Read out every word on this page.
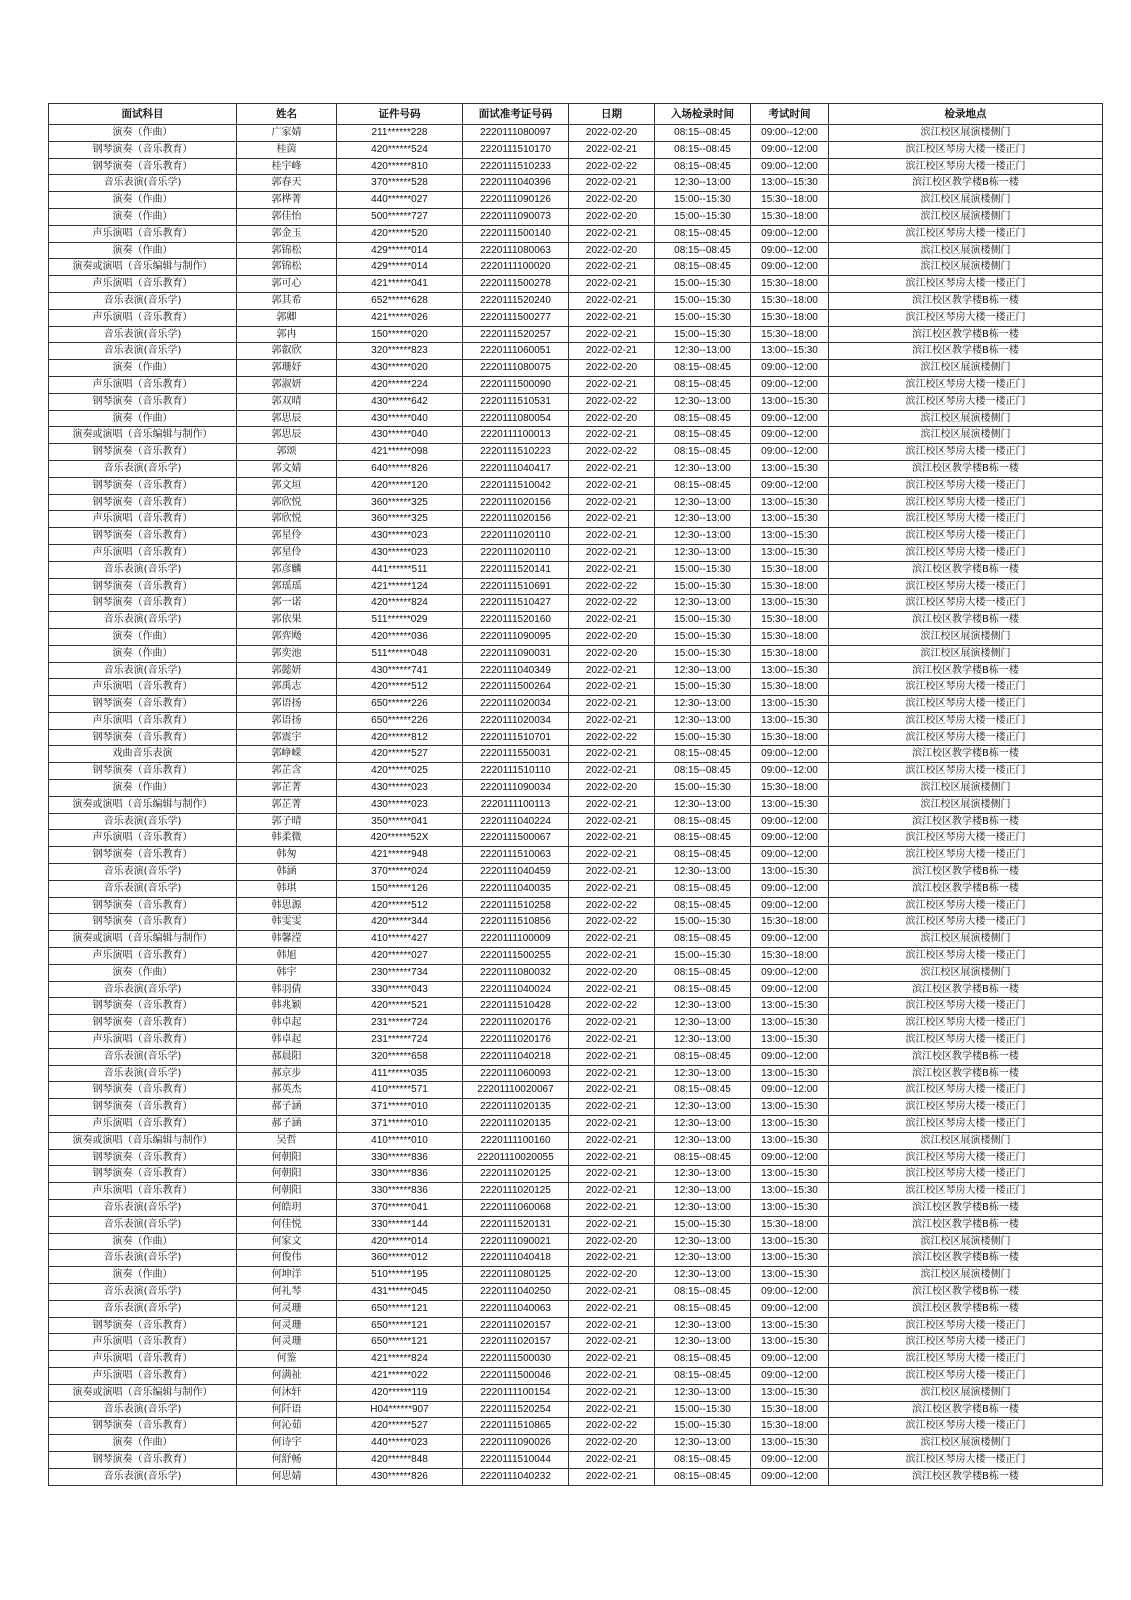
面试科目	姓名	证件号码	面试准考证号码	日期	入场检录时间	考试时间	检录地点
演奏（作曲）	广家婧	211******228	2220111080097	2022-02-20	08:15--08:45	09:00--12:00	滨江校区展演楼侧门
钢琴演奏（音乐教育）	桂茵	420******524	2220111510170	2022-02-21	08:15--08:45	09:00--12:00	滨江校区琴房大楼一楼正门
钢琴演奏（音乐教育）	桂宇峰	420******810	2220111510233	2022-02-22	08:15--08:45	09:00--12:00	滨江校区琴房大楼一楼正门
音乐表演(音乐学)	郭春天	370******528	2220111040396	2022-02-21	12:30--13:00	13:00--15:30	滨江校区教学楼B栋一楼
演奏（作曲）	郭桦菁	440******027	2220111090126	2022-02-20	15:00--15:30	15:30--18:00	滨江校区展演楼侧门
演奏（作曲）	郭佳怡	500******727	2220111090073	2022-02-20	15:00--15:30	15:30--18:00	滨江校区展演楼侧门
声乐演唱（音乐教育）	郭金玉	420******520	2220111500140	2022-02-21	08:15--08:45	09:00--12:00	滨江校区琴房大楼一楼正门
演奏（作曲）	郭锦松	429******014	2220111080063	2022-02-20	08:15--08:45	09:00--12:00	滨江校区展演楼侧门
演奏或演唱（音乐编辑与制作）	郭锦松	429******014	2220111100020	2022-02-21	08:15--08:45	09:00--12:00	滨江校区展演楼侧门
声乐演唱（音乐教育）	郭可心	421******041	2220111500278	2022-02-21	15:00--15:30	15:30--18:00	滨江校区琴房大楼一楼正门
音乐表演(音乐学)	郭其希	652******628	2220111520240	2022-02-21	15:00--15:30	15:30--18:00	滨江校区教学楼B栋一楼
声乐演唱（音乐教育）	郭卿	421******026	2220111500277	2022-02-21	15:00--15:30	15:30--18:00	滨江校区琴房大楼一楼正门
音乐表演(音乐学)	郭冉	150******020	2220111520257	2022-02-21	15:00--15:30	15:30--18:00	滨江校区教学楼B栋一楼
音乐表演(音乐学)	郭叡欣	320******823	2220111060051	2022-02-21	12:30--13:00	13:00--15:30	滨江校区教学楼B栋一楼
演奏（作曲）	郭珊妤	430******020	2220111080075	2022-02-20	08:15--08:45	09:00--12:00	滨江校区展演楼侧门
声乐演唱（音乐教育）	郭淑妍	420******224	2220111500090	2022-02-21	08:15--08:45	09:00--12:00	滨江校区琴房大楼一楼正门
钢琴演奏（音乐教育）	郭双晴	430******642	2220111510531	2022-02-22	12:30--13:00	13:00--15:30	滨江校区琴房大楼一楼正门
演奏（作曲）	郭思辰	430******040	2220111080054	2022-02-20	08:15--08:45	09:00--12:00	滨江校区展演楼侧门
演奏或演唱（音乐编辑与制作）	郭思辰	430******040	2220111100013	2022-02-21	08:15--08:45	09:00--12:00	滨江校区展演楼侧门
钢琴演奏（音乐教育）	郭颂	421******098	2220111510223	2022-02-22	08:15--08:45	09:00--12:00	滨江校区琴房大楼一楼正门
音乐表演(音乐学)	郭文婧	640******826	2220111040417	2022-02-21	12:30--13:00	13:00--15:30	滨江校区教学楼B栋一楼
钢琴演奏（音乐教育）	郭文垣	420******120	2220111510042	2022-02-21	08:15--08:45	09:00--12:00	滨江校区琴房大楼一楼正门
钢琴演奏（音乐教育）	郭欣悦	360******325	2220111020156	2022-02-21	12:30--13:00	13:00--15:30	滨江校区琴房大楼一楼正门
声乐演唱（音乐教育）	郭欣悦	360******325	2220111020156	2022-02-21	12:30--13:00	13:00--15:30	滨江校区琴房大楼一楼正门
钢琴演奏（音乐教育）	郭星伶	430******023	2220111020110	2022-02-21	12:30--13:00	13:00--15:30	滨江校区琴房大楼一楼正门
声乐演唱（音乐教育）	郭星伶	430******023	2220111020110	2022-02-21	12:30--13:00	13:00--15:30	滨江校区琴房大楼一楼正门
音乐表演(音乐学)	郭彦麟	441******511	2220111520141	2022-02-21	15:00--15:30	15:30--18:00	滨江校区教学楼B栋一楼
钢琴演奏（音乐教育）	郭瑶瑶	421******124	2220111510691	2022-02-22	15:00--15:30	15:30--18:00	滨江校区琴房大楼一楼正门
钢琴演奏（音乐教育）	郭一诺	420******824	2220111510427	2022-02-22	12:30--13:00	13:00--15:30	滨江校区琴房大楼一楼正门
音乐表演(音乐学)	郭依果	511******029	2220111520160	2022-02-21	15:00--15:30	15:30--18:00	滨江校区教学楼B栋一楼
演奏（作曲）	郭弈飏	420******036	2220111090095	2022-02-20	15:00--15:30	15:30--18:00	滨江校区展演楼侧门
演奏（作曲）	郭奕池	511******048	2220111090031	2022-02-20	15:00--15:30	15:30--18:00	滨江校区展演楼侧门
音乐表演(音乐学)	郭懿妍	430******741	2220111040349	2022-02-21	12:30--13:00	13:00--15:30	滨江校区教学楼B栋一楼
声乐演唱（音乐教育）	郭禹志	420******512	2220111500264	2022-02-21	15:00--15:30	15:30--18:00	滨江校区琴房大楼一楼正门
钢琴演奏（音乐教育）	郭语扬	650******226	2220111020034	2022-02-21	12:30--13:00	13:00--15:30	滨江校区琴房大楼一楼正门
声乐演唱（音乐教育）	郭语扬	650******226	2220111020034	2022-02-21	12:30--13:00	13:00--15:30	滨江校区琴房大楼一楼正门
钢琴演奏（音乐教育）	郭震宇	420******812	2220111510701	2022-02-22	15:00--15:30	15:30--18:00	滨江校区琴房大楼一楼正门
戏曲音乐表演	郭峥嵘	420******527	2220111550031	2022-02-21	08:15--08:45	09:00--12:00	滨江校区教学楼B栋一楼
钢琴演奏（音乐教育）	郭芷含	420******025	2220111510110	2022-02-21	08:15--08:45	09:00--12:00	滨江校区琴房大楼一楼正门
演奏（作曲）	郭芷菁	430******023	2220111090034	2022-02-20	15:00--15:30	15:30--18:00	滨江校区展演楼侧门
演奏或演唱（音乐编辑与制作）	郭芷菁	430******023	2220111100113	2022-02-21	12:30--13:00	13:00--15:30	滨江校区展演楼侧门
音乐表演(音乐学)	郭子晴	350******041	2220111040224	2022-02-21	08:15--08:45	09:00--12:00	滨江校区教学楼B栋一楼
声乐演唱（音乐教育）	韩柔微	420******52X	2220111500067	2022-02-21	08:15--08:45	09:00--12:00	滨江校区琴房大楼一楼正门
钢琴演奏（音乐教育）	韩匆	421******948	2220111510063	2022-02-21	08:15--08:45	09:00--12:00	滨江校区琴房大楼一楼正门
音乐表演(音乐学)	韩涵	370******024	2220111040459	2022-02-21	12:30--13:00	13:00--15:30	滨江校区教学楼B栋一楼
音乐表演(音乐学)	韩琪	150******126	2220111040035	2022-02-21	08:15--08:45	09:00--12:00	滨江校区教学楼B栋一楼
钢琴演奏（音乐教育）	韩思源	420******512	2220111510258	2022-02-22	08:15--08:45	09:00--12:00	滨江校区琴房大楼一楼正门
钢琴演奏（音乐教育）	韩雯雯	420******344	2220111510856	2022-02-22	15:00--15:30	15:30--18:00	滨江校区琴房大楼一楼正门
演奏或演唱（音乐编辑与制作）	韩馨滢	410******427	2220111100009	2022-02-21	08:15--08:45	09:00--12:00	滨江校区展演楼侧门
声乐演唱（音乐教育）	韩旭	420******027	2220111500255	2022-02-21	15:00--15:30	15:30--18:00	滨江校区琴房大楼一楼正门
演奏（作曲）	韩宇	230******734	2220111080032	2022-02-20	08:15--08:45	09:00--12:00	滨江校区展演楼侧门
音乐表演(音乐学)	韩羽倩	330******043	2220111040024	2022-02-21	08:15--08:45	09:00--12:00	滨江校区教学楼B栋一楼
钢琴演奏（音乐教育）	韩兆颖	420******521	2220111510428	2022-02-22	12:30--13:00	13:00--15:30	滨江校区琴房大楼一楼正门
钢琴演奏（音乐教育）	韩卓起	231******724	2220111020176	2022-02-21	12:30--13:00	13:00--15:30	滨江校区琴房大楼一楼正门
声乐演唱（音乐教育）	韩卓起	231******724	2220111020176	2022-02-21	12:30--13:00	13:00--15:30	滨江校区琴房大楼一楼正门
音乐表演(音乐学)	郝晨阳	320******658	2220111040218	2022-02-21	08:15--08:45	09:00--12:00	滨江校区教学楼B栋一楼
音乐表演(音乐学)	郝京步	411******035	2220111060093	2022-02-21	12:30--13:00	13:00--15:30	滨江校区教学楼B栋一楼
钢琴演奏（音乐教育）	郝英杰	410******571	22201110020067	2022-02-21	08:15--08:45	09:00--12:00	滨江校区琴房大楼一楼正门
钢琴演奏（音乐教育）	郝子涵	371******010	2220111020135	2022-02-21	12:30--13:00	13:00--15:30	滨江校区琴房大楼一楼正门
声乐演唱（音乐教育）	郝子涵	371******010	2220111020135	2022-02-21	12:30--13:00	13:00--15:30	滨江校区琴房大楼一楼正门
演奏或演唱（音乐编辑与制作）	吴哲	410******010	2220111100160	2022-02-21	12:30--13:00	13:00--15:30	滨江校区展演楼侧门
钢琴演奏（音乐教育）	何朝阳	330******836	22201110020055	2022-02-21	08:15--08:45	09:00--12:00	滨江校区琴房大楼一楼正门
钢琴演奏（音乐教育）	何朝阳	330******836	2220111020125	2022-02-21	12:30--13:00	13:00--15:30	滨江校区琴房大楼一楼正门
声乐演唱（音乐教育）	何朝阳	330******836	2220111020125	2022-02-21	12:30--13:00	13:00--15:30	滨江校区琴房大楼一楼正门
音乐表演(音乐学)	何皓玥	370******041	2220111060068	2022-02-21	12:30--13:00	13:00--15:30	滨江校区教学楼B栋一楼
音乐表演(音乐学)	何佳悦	330******144	2220111520131	2022-02-21	15:00--15:30	15:30--18:00	滨江校区教学楼B栋一楼
演奏（作曲）	何家文	420******014	2220111090021	2022-02-20	12:30--13:00	13:00--15:30	滨江校区展演楼侧门
音乐表演(音乐学)	何俊伟	360******012	2220111040418	2022-02-21	12:30--13:00	13:00--15:30	滨江校区教学楼B栋一楼
演奏（作曲）	何坤洋	510******195	2220111080125	2022-02-20	12:30--13:00	13:00--15:30	滨江校区展演楼侧门
音乐表演(音乐学)	何礼琴	431******045	2220111040250	2022-02-21	08:15--08:45	09:00--12:00	滨江校区教学楼B栋一楼
音乐表演(音乐学)	何灵珊	650******121	2220111040063	2022-02-21	08:15--08:45	09:00--12:00	滨江校区教学楼B栋一楼
钢琴演奏（音乐教育）	何灵珊	650******121	2220111020157	2022-02-21	12:30--13:00	13:00--15:30	滨江校区琴房大楼一楼正门
声乐演唱（音乐教育）	何灵珊	650******121	2220111020157	2022-02-21	12:30--13:00	13:00--15:30	滨江校区琴房大楼一楼正门
声乐演唱（音乐教育）	何鉴	421******824	2220111500030	2022-02-21	08:15--08:45	09:00--12:00	滨江校区琴房大楼一楼正门
声乐演唱（音乐教育）	何满祉	421******022	2220111500046	2022-02-21	08:15--08:45	09:00--12:00	滨江校区琴房大楼一楼正门
演奏或演唱（音乐编辑与制作）	何沐轩	420******119	2220111100154	2022-02-21	12:30--13:00	13:00--15:30	滨江校区展演楼侧门
音乐表演(音乐学)	何阡语	H04******907	2220111520254	2022-02-21	15:00--15:30	15:30--18:00	滨江校区教学楼B栋一楼
钢琴演奏（音乐教育）	何沁茹	420******527	2220111510865	2022-02-22	15:00--15:30	15:30--18:00	滨江校区琴房大楼一楼正门
演奏（作曲）	何诗宇	440******023	2220111090026	2022-02-20	12:30--13:00	13:00--15:30	滨江校区展演楼侧门
钢琴演奏（音乐教育）	何舒畅	420******848	2220111510044	2022-02-21	08:15--08:45	09:00--12:00	滨江校区琴房大楼一楼正门
音乐表演(音乐学)	何思婧	430******826	2220111040232	2022-02-21	08:15--08:45	09:00--12:00	滨江校区教学楼B栋一楼
